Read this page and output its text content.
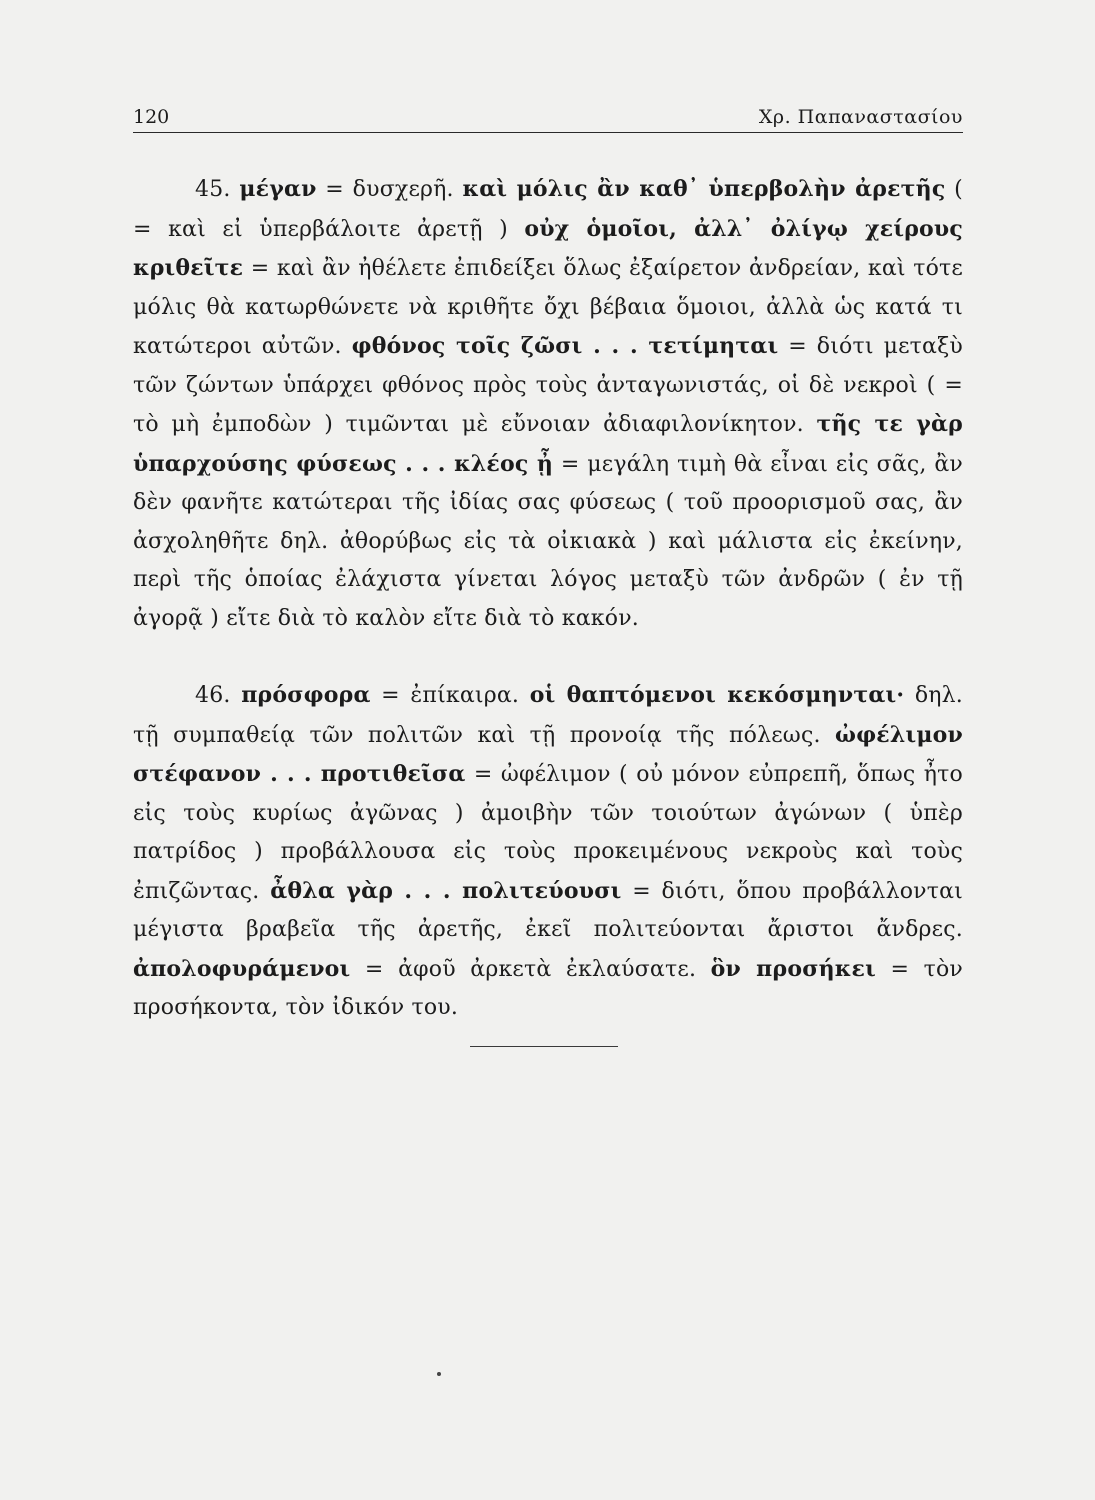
120	Χρ. Παπαναστασίου

45. μέγαν = δυσχερῆ. καὶ μόλις ἂν καθ᾽ ὑπερβολὴν ἀρετῆς ( = καὶ εἰ ὑπερβάλοιτε ἀρετῇ ) οὐχ ὁμοῖοι, ἀλλ᾽ ὀλίγῳ χείρους κριθεῖτε = καὶ ἂν ἠθέλετε ἐπιδείξει ὅλως ἐξαίρετον ἀνδρείαν, καὶ τότε μόλις θὰ κατωρθώνετε νὰ κριθῆτε ὄχι βέβαια ὅμοιοι, ἀλλὰ ὡς κατά τι κατώτεροι αὐτῶν. φθόνος τοῖς ζῶσι . . . τετίμηται = διότι μεταξὺ τῶν ζώντων ὑπάρχει φθόνος πρὸς τοὺς ἀνταγωνιστάς, οἱ δὲ νεκροὶ ( = τὸ μὴ ἐμποδὼν ) τιμῶνται μὲ εὔνοιαν ἀδιαφιλονίκητον. τῆς τε γὰρ ὑπαρχούσης φύσεως . . . κλέος ᾖ = μεγάλη τιμὴ θὰ εἶναι εἰς σᾶς, ἂν δὲν φανῆτε κατώτεραι τῆς ἰδίας σας φύσεως ( τοῦ προορισμοῦ σας, ἂν ἀσχοληθῆτε δηλ. ἀθορύβως εἰς τὰ οἰκιακὰ ) καὶ μάλιστα εἰς ἐκείνην, περὶ τῆς ὁποίας ἐλάχιστα γίνεται λόγος μεταξὺ τῶν ἀνδρῶν ( ἐν τῇ ἀγορᾷ ) εἴτε διὰ τὸ καλὸν εἴτε διὰ τὸ κακόν.

46. πρόσφορα = ἐπίκαιρα. οἱ θαπτόμενοι κεκόσμηνται· δηλ. τῇ συμπαθείᾳ τῶν πολιτῶν καὶ τῇ προνοίᾳ τῆς πόλεως. ὠφέλιμον στέφανον . . . προτιθεῖσα = ὠφέλιμον ( οὐ μόνον εὐπρεπῆ, ὅπως ἦτο εἰς τοὺς κυρίως ἀγῶνας ) ἀμοιβὴν τῶν τοιούτων ἀγώνων ( ὑπὲρ πατρίδος ) προβάλλουσα εἰς τοὺς προκειμένους νεκροὺς καὶ τοὺς ἐπιζῶντας. ἆθλα γὰρ . . . πολιτεύουσι = διότι, ὅπου προβάλλονται μέγιστα βραβεῖα τῆς ἀρετῆς, ἐκεῖ πολιτεύονται ἄριστοι ἄνδρες. ἀπολοφυράμενοι = ἀφοῦ ἀρκετὰ ἐκλαύσατε. ὃν προσήκει = τὸν προσήκοντα, τὸν ἰδικόν του.
